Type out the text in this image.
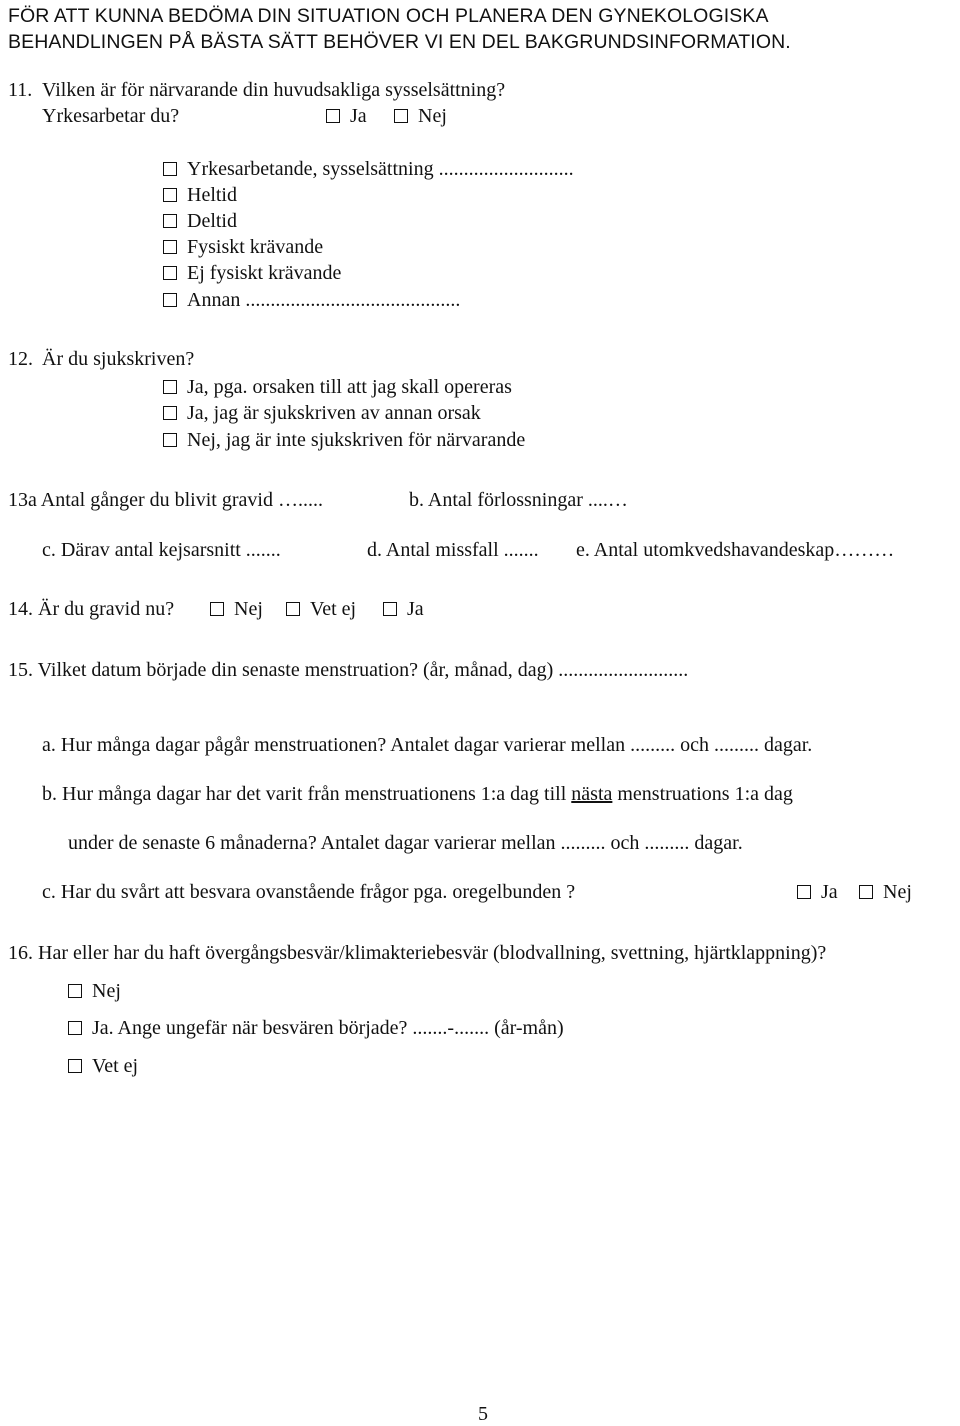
FÖR ATT KUNNA BEDÖMA DIN SITUATION OCH PLANERA DEN GYNEKOLOGISKA
BEHANDLINGEN PÅ BÄSTA SÄTT BEHÖVER VI EN DEL BAKGRUNDSINFORMATION.
11. Vilken är för närvarande din huvudsakliga sysselsättning?
Yrkesarbetar du?	Ja	Nej
Yrkesarbetande, sysselsättning ...........................
Heltid
Deltid
Fysiskt krävande
Ej fysiskt krävande
Annan ...........................................
12. Är du sjukskriven?
Ja, pga. orsaken till att jag skall opereras
Ja, jag är sjukskriven av annan orsak
Nej, jag är inte sjukskriven för närvarande
13a Antal gånger du blivit gravid ….....	b. Antal förlossningar ....…
c. Därav antal kejsarsnitt .......	d. Antal missfall ....... e. Antal utomkvedshavandeskap………
14. Är du gravid nu?	Nej	Vet ej	Ja
15. Vilket datum började din senaste menstruation? (år, månad, dag) ..........................
a. Hur många dagar pågår menstruationen? Antalet dagar varierar mellan ......... och ......... dagar.
b. Hur många dagar har det varit från menstruationens 1:a dag till nästa menstruations 1:a dag
under de senaste 6 månaderna? Antalet dagar varierar mellan ......... och ......... dagar.
c. Har du svårt att besvara ovanstående frågor pga. oregelbunden ?	Ja	Nej
16. Har eller har du haft övergångsbesvär/klimakteriebesvär (blodvallning, svettning, hjärtklappning)?
Nej
Ja. Ange ungefär när besvären började? .......-....... (år-mån)
Vet ej
5
